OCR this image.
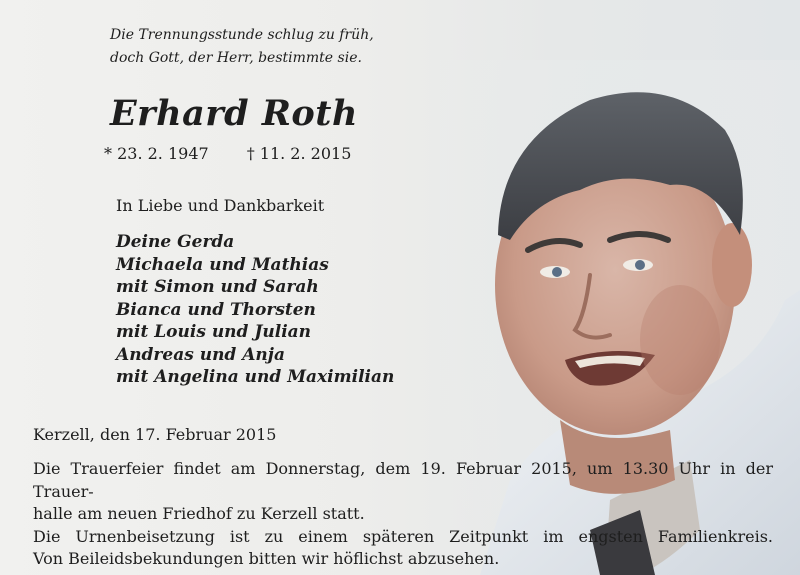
Die Trennungsstunde schlug zu früh,
doch Gott, der Herr, bestimmte sie.
Erhard Roth
* 23. 2. 1947 † 11. 2. 2015
In Liebe und Dankbarkeit
Deine Gerda
Michaela und Mathias
mit Simon und Sarah
Bianca und Thorsten
mit Louis und Julian
Andreas und Anja
mit Angelina und Maximilian
Kerzell, den 17. Februar 2015
Die Trauerfeier findet am Donnerstag, dem 19. Februar 2015, um 13.30 Uhr in der Trauer-
halle am neuen Friedhof zu Kerzell statt.
Die Urnenbeisetzung ist zu einem späteren Zeitpunkt im engsten Familienkreis.
Von Beileidsbekundungen bitten wir höflichst abzusehen.
